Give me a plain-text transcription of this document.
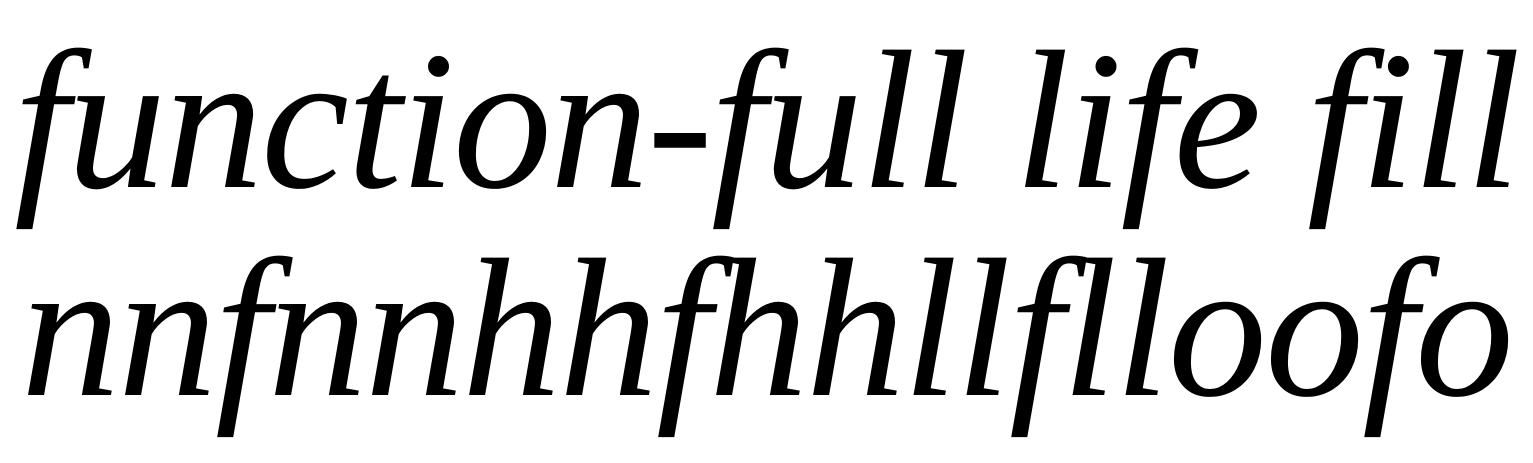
function-full life fill
nnfnnhhfhhllflloofo
